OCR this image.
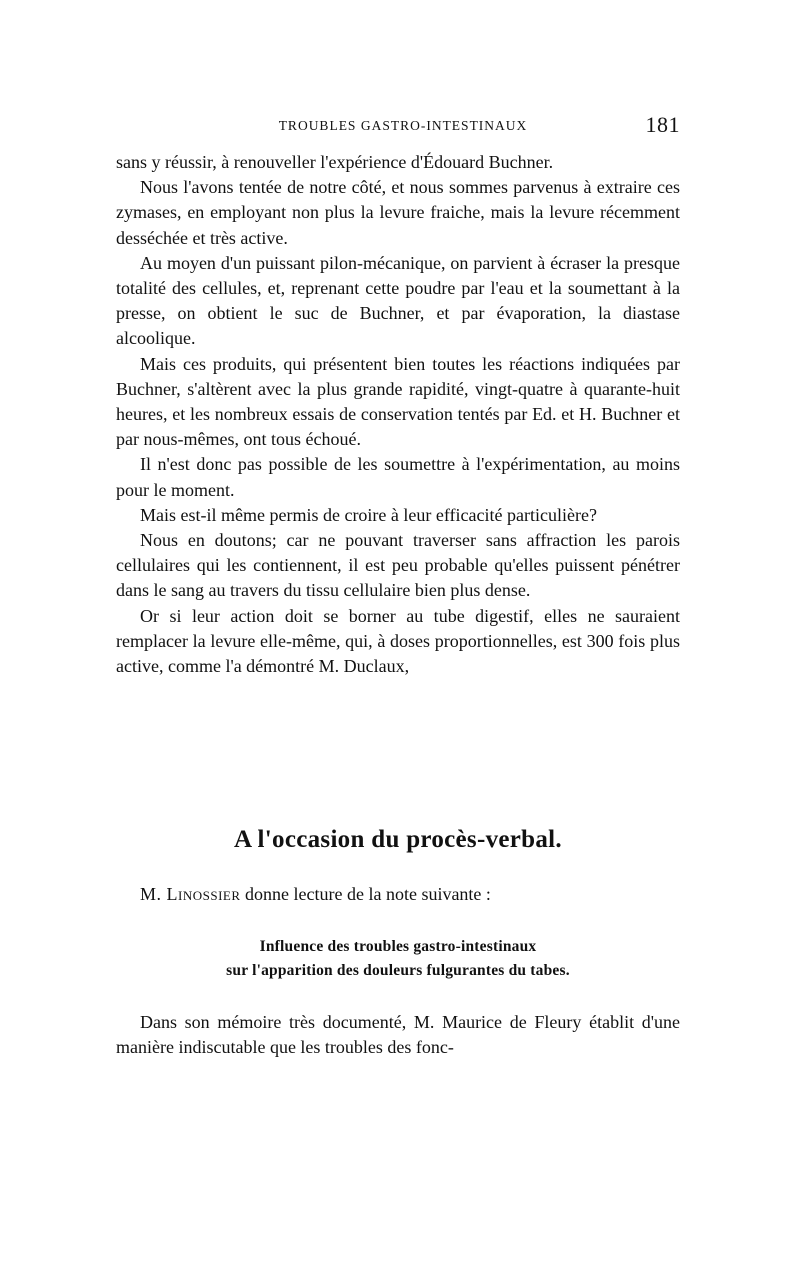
TROUBLES GASTRO-INTESTINAUX	181

sans y réussir, à renouveller l'expérience d'Édouard Buchner.

Nous l'avons tentée de notre côté, et nous sommes parvenus à extraire ces zymases, en employant non plus la levure fraiche, mais la levure récemment desséchée et très active.

Au moyen d'un puissant pilon-mécanique, on parvient à écraser la presque totalité des cellules, et, reprenant cette poudre par l'eau et la soumettant à la presse, on obtient le suc de Buchner, et par évaporation, la diastase alcoolique.

Mais ces produits, qui présentent bien toutes les réactions indiquées par Buchner, s'altèrent avec la plus grande rapidité, vingt-quatre à quarante-huit heures, et les nombreux essais de conservation tentés par Ed. et H. Buchner et par nous-mêmes, ont tous échoué.

Il n'est donc pas possible de les soumettre à l'expérimentation, au moins pour le moment.

Mais est-il même permis de croire à leur efficacité particulière?

Nous en doutons; car ne pouvant traverser sans affraction les parois cellulaires qui les contiennent, il est peu probable qu'elles puissent pénétrer dans le sang au travers du tissu cellulaire bien plus dense.

Or si leur action doit se borner au tube digestif, elles ne sauraient remplacer la levure elle-même, qui, à doses proportionnelles, est 300 fois plus active, comme l'a démontré M. Duclaux,

A l'occasion du procès-verbal.

M. Linossier donne lecture de la note suivante :

Influence des troubles gastro-intestinaux
sur l'apparition des douleurs fulgurantes du tabes.

Dans son mémoire très documenté, M. Maurice de Fleury établit d'une manière indiscutable que les troubles des fonc-
